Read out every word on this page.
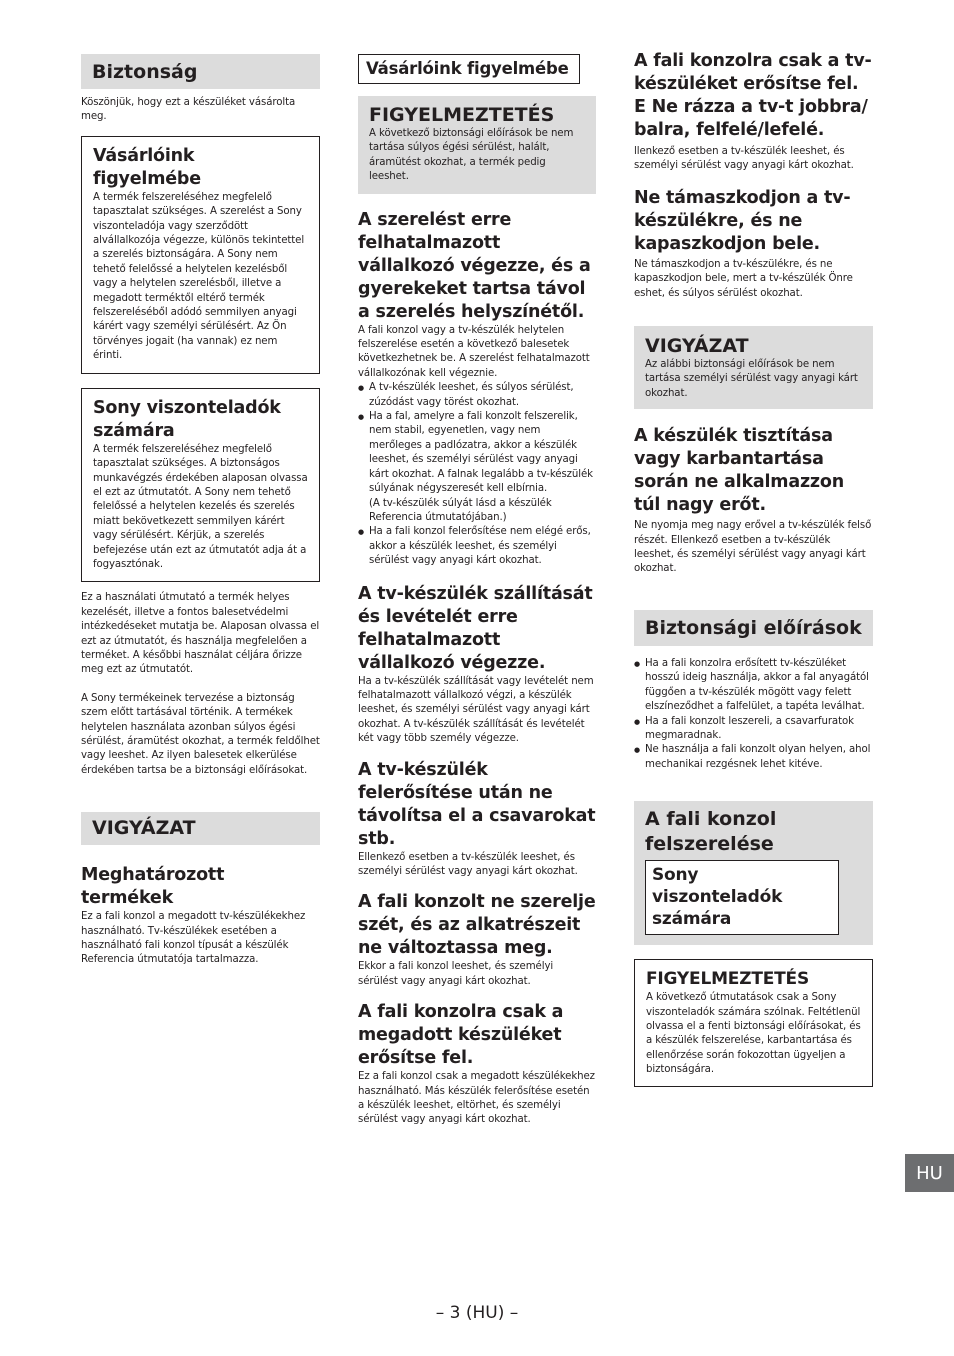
Biztonság

Köszönjük, hogy ezt a készüléket vásárolta meg.

Vásárlóink figyelmébe

A termék felszereléséhez megfelelő tapasztalat szükséges. A szerelést a Sony viszonteladója vagy szerződött alvállalkozója végezze, különös tekintettel a szerelés biztonságára. A Sony nem tehető felelőssé a helytelen kezelésből vagy a helytelen szerelésből, illetve a megadott terméktől eltérő termék felszereléséből adódó semmilyen anyagi kárért vagy személyi sérülésért. Az Ön törvényes jogait (ha vannak) ez nem érinti.

Sony viszonteladók számára

A termék felszereléséhez megfelelő tapasztalat szükséges. A biztonságos munkavégzés érdekében alaposan olvassa el ezt az útmutatót. A Sony nem tehető felelőssé a helytelen kezelés és szerelés miatt bekövetkezett semmilyen kárért vagy sérülésért. Kérjük, a szerelés befejezése után ezt az útmutatót adja át a fogyasztónak.

Ez a használati útmutató a termék helyes kezelését, illetve a fontos balesetvédelmi intézkedéseket mutatja be. Alaposan olvassa el ezt az útmutatót, és használja megfelelően a terméket. A későbbi használat céljára őrizze meg ezt az útmutatót.

A Sony termékeinek tervezése a biztonság szem előtt tartásával történik. A termékek helytelen használata azonban súlyos égési sérülést, áramütést okozhat, a termék feldőlhet vagy leeshet. Az ilyen balesetek elkerülése érdekében tartsa be a biztonsági előírásokat.

VIGYÁZAT

Meghatározott termékek

Ez a fali konzol a megadott tv-készülékekhez használható. Tv-készülékek esetében a használható fali konzol típusát a készülék Referencia útmutatója tartalmazza.

Vásárlóink figyelmébe

FIGYELMEZTETÉS

A következő biztonsági előírások be nem tartása súlyos égési sérülést, halált, áramütést okozhat, a termék pedig leeshet.

A szerelést erre felhatalmazott vállalkozó végezze, és a gyerekeket tartsa távol a szerelés helyszínétől.

A fali konzol vagy a tv-készülék helytelen felszerelése esetén a következő balesetek következhetnek be. A szerelést felhatalmazott vállalkozónak kell végeznie.

● A tv-készülék leeshet, és súlyos sérülést, zúzódást vagy törést okozhat.
● Ha a fal, amelyre a fali konzolt felszerelik, nem stabil, egyenetlen, vagy nem merőleges a padlózatra, akkor a készülék leeshet, és személyi sérülést vagy anyagi kárt okozhat. A falnak legalább a tv-készülék súlyának négyszeresét kell elbírnia.
(A tv-készülék súlyát lásd a készülék Referencia útmutatójában.)
● Ha a fali konzol felerősítése nem elégé erős, akkor a készülék leeshet, és személyi sérülést vagy anyagi kárt okozhat.

A tv-készülék szállítását és levételét erre felhatalmazott vállalkozó végezze.

Ha a tv-készülék szállítását vagy levételét nem felhatalmazott vállalkozó végzi, a készülék leeshet, és személyi sérülést vagy anyagi kárt okozhat. A tv-készülék szállítását és levételét két vagy több személy végezze.

A tv-készülék felerősítése után ne távolítsa el a csavarokat stb.

Ellenkező esetben a tv-készülék leeshet, és személyi sérülést vagy anyagi kárt okozhat.

A fali konzolt ne szerelje szét, és az alkatrészeit ne változtassa meg.

Ekkor a fali konzol leeshet, és személyi sérülést vagy anyagi kárt okozhat.

A fali konzolra csak a megadott készüléket erősítse fel.

Ez a fali konzol csak a megadott készülékekhez használható. Más készülék felerősítése esetén a készülék leeshet, eltörhet, és személyi sérülést vagy anyagi kárt okozhat.

A fali konzolra csak a tv-készüléket erősítse fel. E Ne rázza a tv-t jobbra/ balra, felfelé/lefelé.

llenkező esetben a tv-készülék leeshet, és személyi sérülést vagy anyagi kárt okozhat.

Ne támaszkodjon a tv-készülékre, és ne kapaszkodjon bele.

Ne támaszkodjon a tv-készülékre, és ne kapaszkodjon bele, mert a tv-készülék Önre eshet, és súlyos sérülést okozhat.

VIGYÁZAT

Az alábbi biztonsági előírások be nem tartása személyi sérülést vagy anyagi kárt okozhat.

A készülék tisztítása vagy karbantartása során ne alkalmazzon túl nagy erőt.

Ne nyomja meg nagy erővel a tv-készülék felső részét. Ellenkező esetben a tv-készülék leeshet, és személyi sérülést vagy anyagi kárt okozhat.

Biztonsági előírások

● Ha a fali konzolra erősített tv-készüléket hosszú ideig használja, akkor a fal anyagától függően a tv-készülék mögött vagy felett elszíneződhet a falfelület, a tapéta leválhat.
● Ha a fali konzolt leszereli, a csavarfuratok megmaradnak.
● Ne használja a fali konzolt olyan helyen, ahol mechanikai rezgésnek lehet kitéve.

A fali konzol felszerelése

Sony viszonteladók számára

FIGYELMEZTETÉS

A következő útmutatások csak a Sony viszonteladók számára szólnak. Feltétlenül olvassa el a fenti biztonsági előírásokat, és a készülék felszerelése, karbantartása és ellenőrzése során fokozottan ügyeljen a biztonságára.

HU
– 3 (HU) –
